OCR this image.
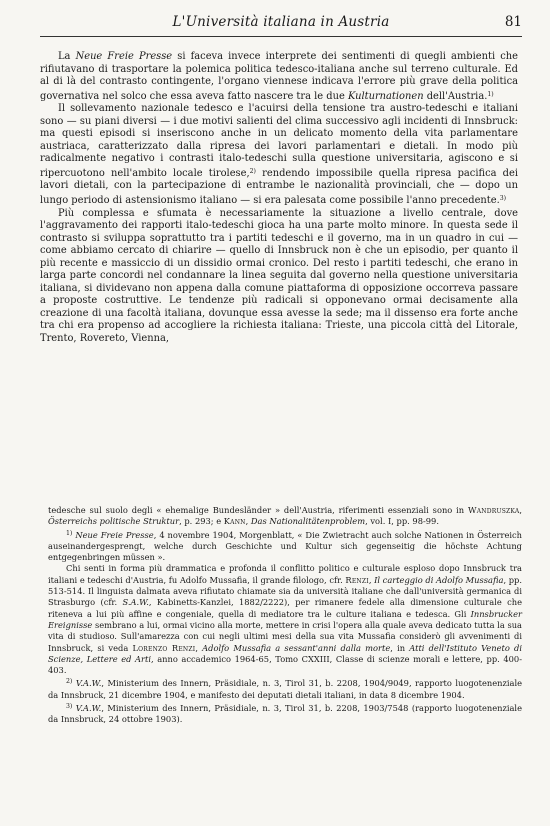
L'Università italiana in Austria	81

La Neue Freie Presse si faceva invece interprete dei sentimenti di quegli ambienti che rifiutavano di trasportare la polemica politica tedesco-italiana anche sul terreno culturale. Ed al di là del contrasto contingente, l'organo viennese indicava l'errore più grave della politica governativa nel solco che essa aveva fatto nascere tra le due Kulturnationen dell'Austria.$^{1)}$

Il sollevamento nazionale tedesco e l'acuirsi della tensione tra austro-tedeschi e italiani sono — su piani diversi — i due motivi salienti del clima successivo agli incidenti di Innsbruck: ma questi episodi si inseriscono anche in un delicato momento della vita parlamentare austriaca, caratterizzato dalla ripresa dei lavori parlamentari e dietali. In modo più radicalmente negativo i contrasti italo-tedeschi sulla questione universitaria, agiscono e si ripercuotono nell'ambito locale tirolese,$^{2)}$ rendendo impossibile quella ripresa pacifica dei lavori dietali, con la partecipazione di entrambe le nazionalità provinciali, che — dopo un lungo periodo di astensionismo italiano — si era palesata come possibile l'anno precedente.$^{3)}$

Più complessa e sfumata è necessariamente la situazione a livello centrale, dove l'aggravamento dei rapporti italo-tedeschi gioca ha una parte molto minore. In questa sede il contrasto si sviluppa soprattutto tra i partiti tedeschi e il governo, ma in un quadro in cui — come abbiamo cercato di chiarire — quello di Innsbruck non è che un episodio, per quanto il più recente e massiccio di un dissidio ormai cronico. Del resto i partiti tedeschi, che erano in larga parte concordi nel condannare la linea seguita dal governo nella questione universitaria italiana, si dividevano non appena dalla comune piattaforma di opposizione occorreva passare a proposte costruttive. Le tendenze più radicali si opponevano ormai decisamente alla creazione di una facoltà italiana, dovunque essa avesse la sede; ma il dissenso era forte anche tra chi era propenso ad accogliere la richiesta italiana: Trieste, una piccola città del Litorale, Trento, Rovereto, Vienna,

tedesche sul suolo degli « ehemalige Bundesländer » dell'Austria, riferimenti essenziali sono in Wandruszka, Österreichs politische Struktur, p. 293; e Kann, Das Nationalitätenproblem, vol. I, pp. 98-99.

$^{1)}$ Neue Freie Presse, 4 novembre 1904, Morgenblatt, « Die Zwietracht auch solche Nationen in Österreich auseinandergesprengt, welche durch Geschichte und Kultur sich gegenseitig die höchste Achtung entgegenbringen müssen ».

Chi senti in forma più drammatica e profonda il conflitto politico e culturale esploso dopo Innsbruck tra italiani e tedeschi d'Austria, fu Adolfo Mussafia, il grande filologo, cfr. Renzi, Il carteggio di Adolfo Mussafia, pp. 513-514. Il linguista dalmata aveva rifiutato chiamate sia da università italiane che dall'università germanica di Strasburgo (cfr. S.A.W., Kabinetts-Kanzlei, 1882/2222), per rimanere fedele alla dimensione culturale che riteneva a lui più affine e congeniale, quella di mediatore tra le culture italiana e tedesca. Gli Innsbrucker Ereignisse sembrano a lui, ormai vicino alla morte, mettere in crisi l'opera alla quale aveva dedicato tutta la sua vita di studioso. Sull'amarezza con cui negli ultimi mesi della sua vita Mussafia considerò gli avvenimenti di Innsbruck, si veda Lorenzo Renzi, Adolfo Mussafia a sessant'anni dalla morte, in Atti dell'Istituto Veneto di Scienze, Lettere ed Arti, anno accademico 1964-65, Tomo CXXIII, Classe di scienze morali e lettere, pp. 400-403.

$^{2)}$ V.A.W., Ministerium des Innern, Präsidiale, n. 3, Tirol 31, b. 2208, 1904/9049, rapporto luogotenenziale da Innsbruck, 21 dicembre 1904, e manifesto dei deputati dietali italiani, in data 8 dicembre 1904.

$^{3)}$ V.A.W., Ministerium des Innern, Präsidiale, n. 3, Tirol 31, b. 2208, 1903/7548 (rapporto luogotenenziale da Innsbruck, 24 ottobre 1903).
